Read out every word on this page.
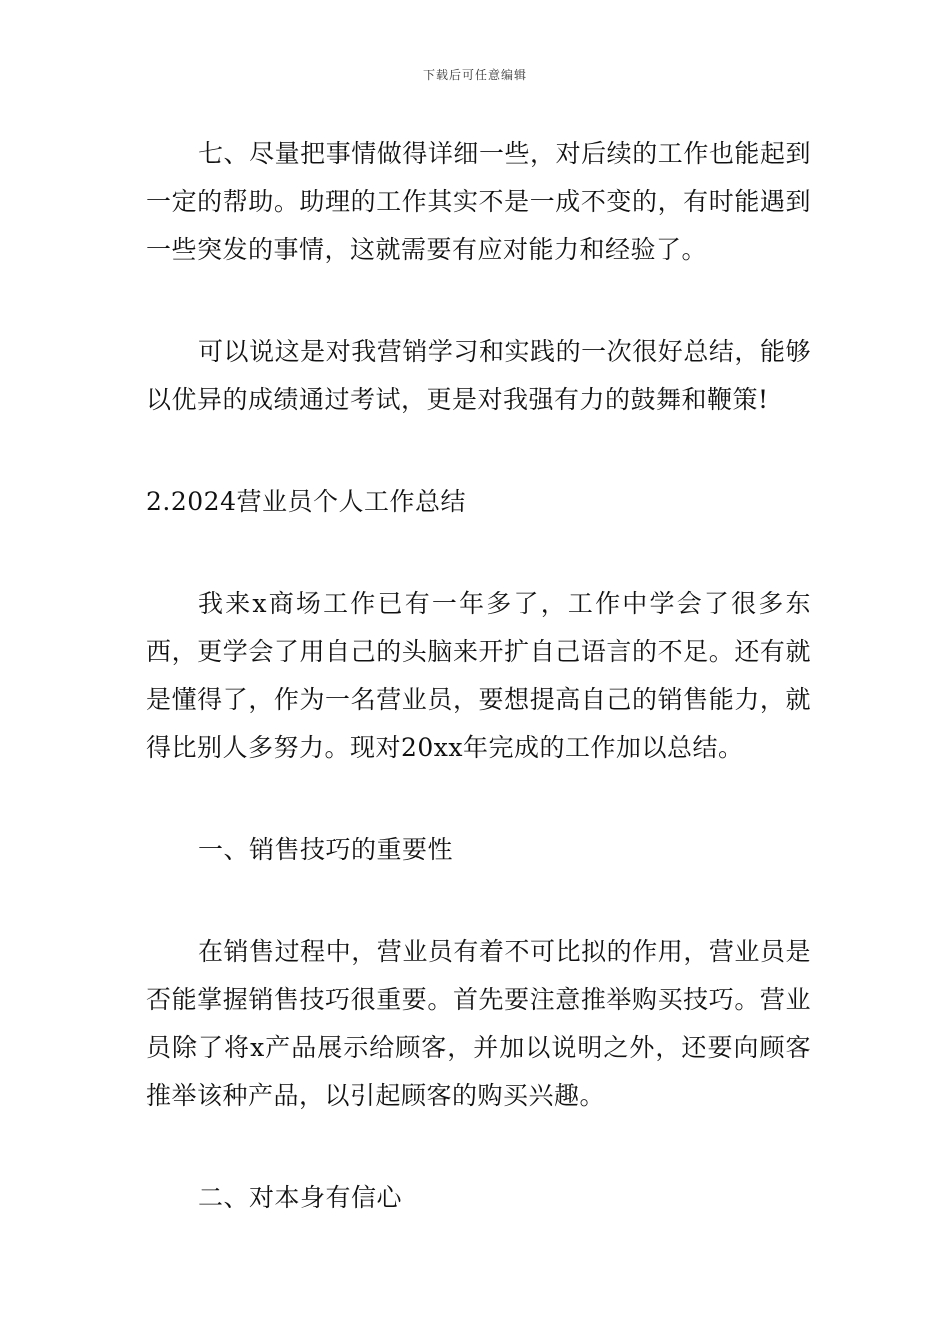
下载后可任意编辑

七、尽量把事情做得详细一些，对后续的工作也能起到一定的帮助。助理的工作其实不是一成不变的，有时能遇到一些突发的事情，这就需要有应对能力和经验了。

可以说这是对我营销学习和实践的一次很好总结，能够以优异的成绩通过考试，更是对我强有力的鼓舞和鞭策!

2.2024营业员个人工作总结

我来x商场工作已有一年多了，工作中学会了很多东西，更学会了用自己的头脑来开扩自己语言的不足。还有就是懂得了，作为一名营业员，要想提高自己的销售能力，就得比别人多努力。现对20xx年完成的工作加以总结。

一、销售技巧的重要性

在销售过程中，营业员有着不可比拟的作用，营业员是否能掌握销售技巧很重要。首先要注意推举购买技巧。营业员除了将x产品展示给顾客，并加以说明之外，还要向顾客推举该种产品，以引起顾客的购买兴趣。

二、对本身有信心
